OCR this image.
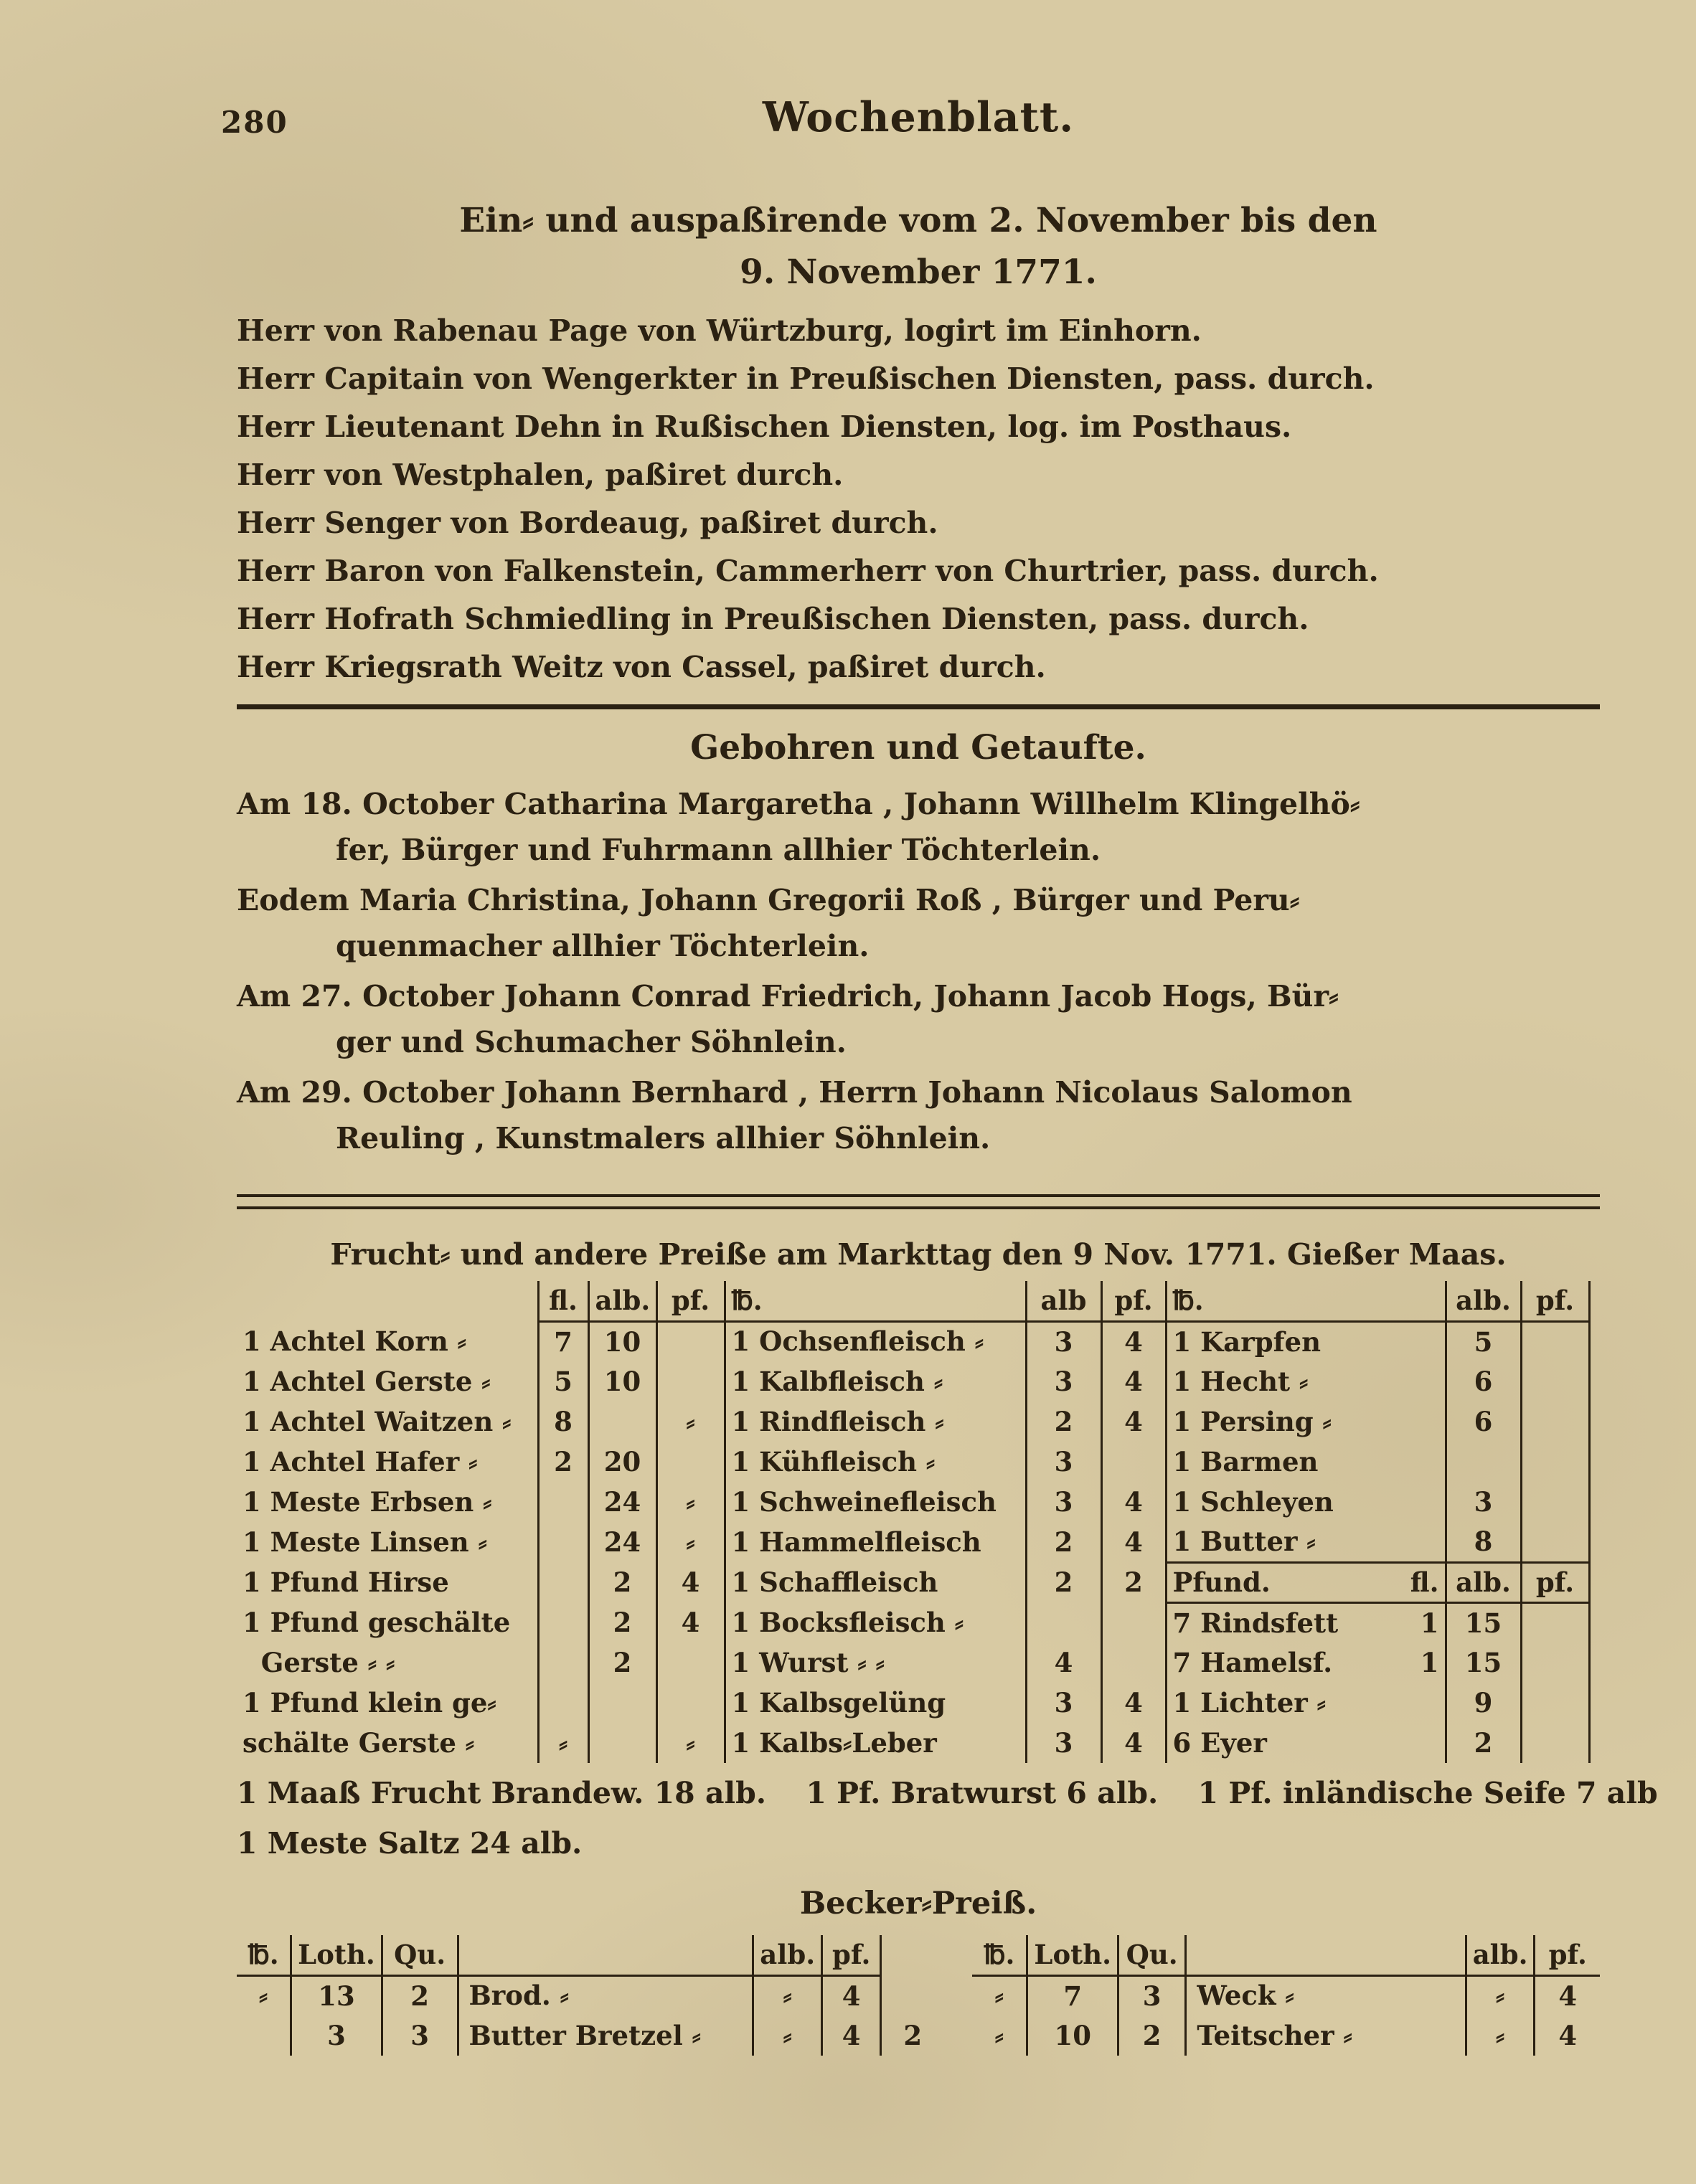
280	Wochenblatt.
Ein⸗ und auspaßirende vom 2. November bis den
9. November 1771.

Herr von Rabenau Page von Würtzburg, logirt im Einhorn.

Herr Capitain von Wengerkter in Preußischen Diensten, pass. durch.

Herr Lieutenant Dehn in Rußischen Diensten, log. im Posthaus.

Herr von Westphalen, paßiret durch.

Herr Senger von Bordeaug, paßiret durch.

Herr Baron von Falkenstein, Cammerherr von Churtrier, pass. durch.

Herr Hofrath Schmiedling in Preußischen Diensten, pass. durch.

Herr Kriegsrath Weitz von Cassel, paßiret durch.

Gebohren und Getaufte.

Am 18. October Catharina Margaretha , Johann Willhelm Klingelhö⸗
fer, Bürger und Fuhrmann allhier Töchterlein.

Eodem Maria Christina, Johann Gregorii Roß , Bürger und Peru⸗
quenmacher allhier Töchterlein.

Am 27. October Johann Conrad Friedrich, Johann Jacob Hogs, Bür⸗
ger und Schumacher Söhnlein.

Am 29. October Johann Bernhard , Herrn Johann Nicolaus Salomon
Reuling , Kunstmalers allhier Söhnlein.

Frucht⸗ und andere Preiße am Markttag den 9 Nov. 1771. Gießer Maas.
	fl.	alb.	pf.	℔.	alb	pf.	℔.	alb.	pf.
1 Achtel Korn ⸗	7	10		1 Ochsenfleisch ⸗	3	4	1 Karpfen	5	
1 Achtel Gerste ⸗	5	10		1 Kalbfleisch ⸗	3	4	1 Hecht ⸗	6	
1 Achtel Waitzen ⸗	8		⸗	1 Rindfleisch ⸗	2	4	1 Persing ⸗	6	
1 Achtel Hafer ⸗	2	20		1 Kühfleisch ⸗	3		1 Barmen		

1 Meste Erbsen ⸗		24	⸗	1 Schweinefleisch	3	4	1 Schleyen	3	
1 Meste Linsen ⸗		24	⸗	1 Hammelfleisch	2	4	1 Butter ⸗	8	
1 Pfund Hirse		2	4	1 Schaffleisch	2	2	Pfund. fl.	alb.	pf.
1 Pfund geschälte		2	4	1 Bocksfleisch ⸗			7 Rindsfett 1	15	
Gerste ⸗ ⸗		2		1 Wurst ⸗ ⸗	4		7 Hamelsf. 1	15	
1 Pfund klein ge⸗				1 Kalbsgelüng	3	4	1 Lichter ⸗	9	
schälte Gerste ⸗	⸗		⸗	1 Kalbs⸗Leber	3	4	6 Eyer	2	

1 Maaß Frucht Brandew. 18 alb.  1 Pf. Bratwurst 6 alb.  1 Pf. inländische Seife 7 alb

1 Meste Saltz 24 alb.

Becker⸗Preiß.
℔.	Loth.	Qu.		alb.	pf.	
⸗	13	2	Brod. ⸗	⸗	4	
	3	3	Butter Bretzel ⸗	⸗	4	2
℔.	Loth.	Qu.		alb.	pf.
⸗	7	3	Weck ⸗	⸗	4
⸗	10	2	Teitscher ⸗	⸗	4
